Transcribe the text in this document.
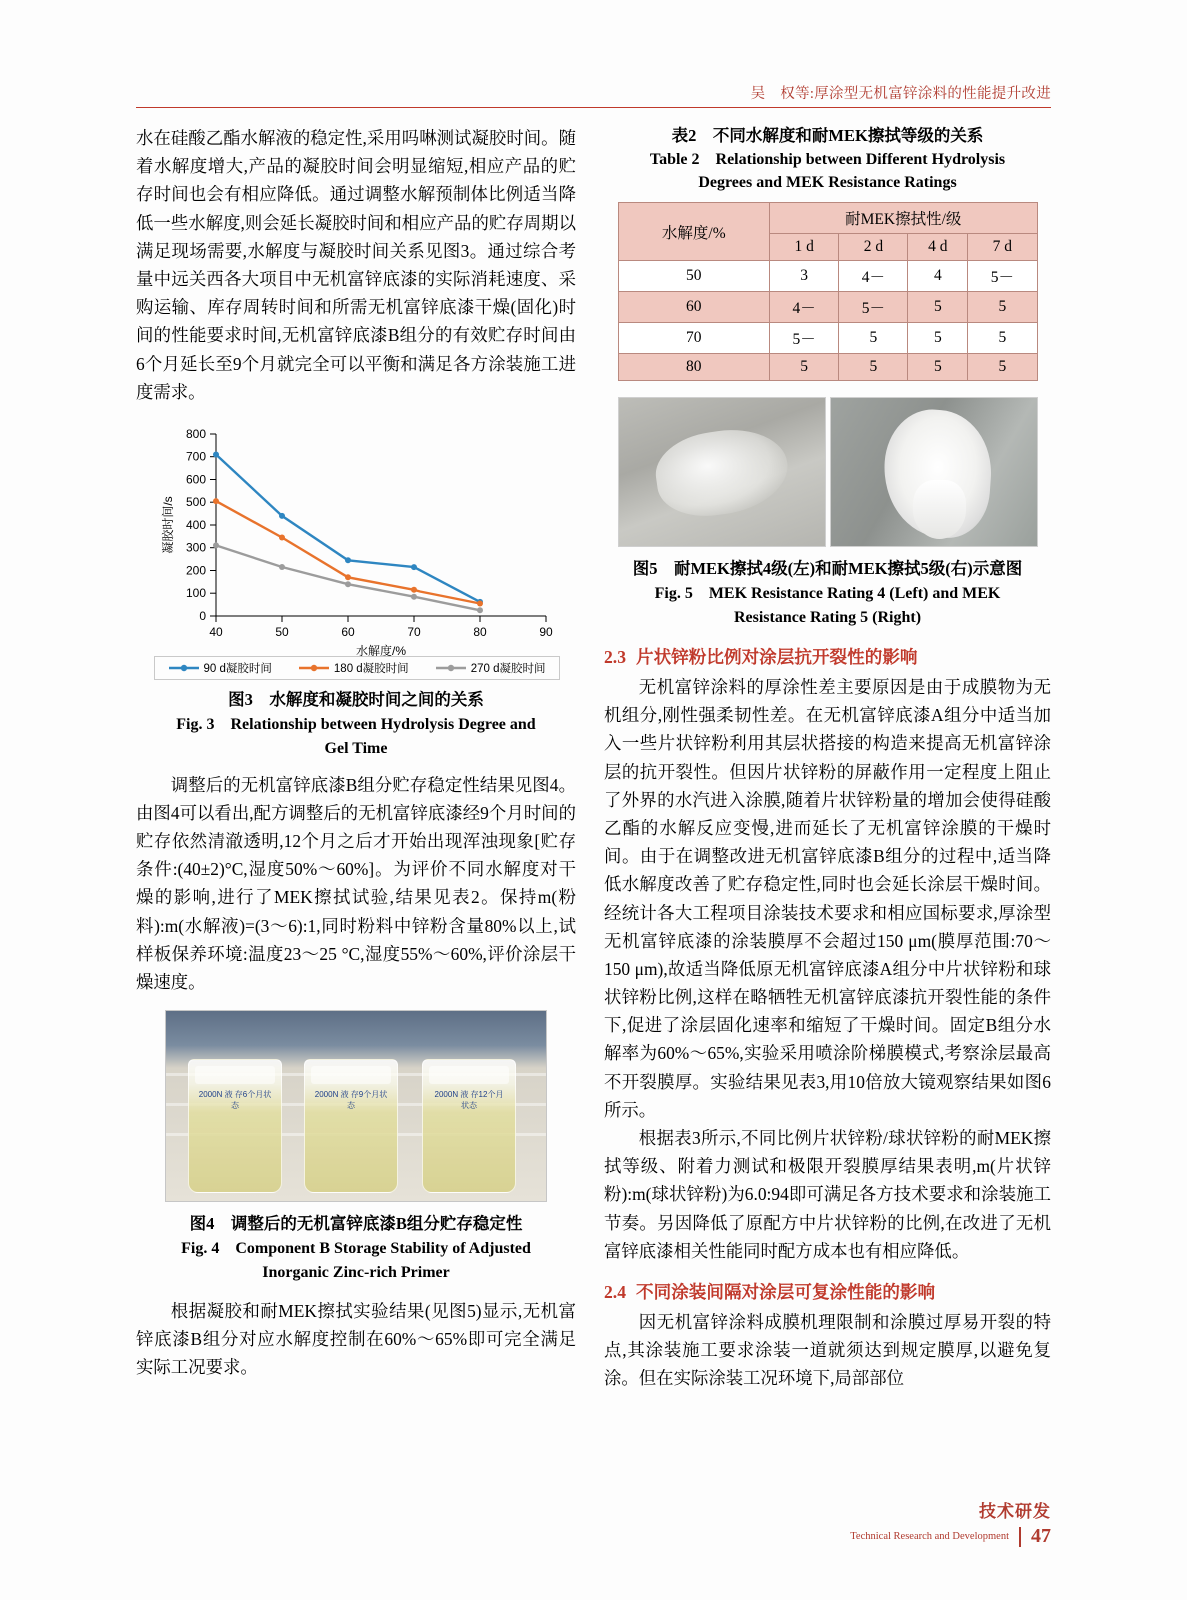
吴　权等:厚涂型无机富锌涂料的性能提升改进

水在硅酸乙酯水解液的稳定性,采用吗啉测试凝胶时间。随着水解度增大,产品的凝胶时间会明显缩短,相应产品的贮存时间也会有相应降低。通过调整水解预制体比例适当降低一些水解度,则会延长凝胶时间和相应产品的贮存周期以满足现场需要,水解度与凝胶时间关系见图3。通过综合考量中远关西各大项目中无机富锌底漆的实际消耗速度、采购运输、库存周转时间和所需无机富锌底漆干燥(固化)时间的性能要求时间,无机富锌底漆B组分的有效贮存时间由6个月延长至9个月就完全可以平衡和满足各方涂装施工进度需求。

0
100
200
300
400
500
600
700
800
40	50	60	70	80	90
水解度/%
凝胶时间/s
90 d凝胶时间	180 d凝胶时间	270 d凝胶时间
图3　水解度和凝胶时间之间的关系
Fig. 3　Relationship between Hydrolysis Degree and
Gel Time

调整后的无机富锌底漆B组分贮存稳定性结果见图4。由图4可以看出,配方调整后的无机富锌底漆经9个月时间的贮存依然清澈透明,12个月之后才开始出现浑浊现象[贮存条件:(40±2)°C,湿度50%～60%]。为评价不同水解度对干燥的影响,进行了MEK擦拭试验,结果见表2。保持m(粉料):m(水解液)=(3～6):1,同时粉料中锌粉含量80%以上,试样板保养环境:温度23～25 °C,湿度55%～60%,评价涂层干燥速度。

2000N 液 存6个月状态
2000N 液 存9个月状态
2000N 液 存12个月状态
图4　调整后的无机富锌底漆B组分贮存稳定性
Fig. 4　Component B Storage Stability of Adjusted
Inorganic Zinc-rich Primer

根据凝胶和耐MEK擦拭实验结果(见图5)显示,无机富锌底漆B组分对应水解度控制在60%～65%即可完全满足实际工况要求。

表2　不同水解度和耐MEK擦拭等级的关系
Table 2　Relationship between Different Hydrolysis
Degrees and MEK Resistance Ratings
水解度/%	耐MEK擦拭性/级			
	1 d	2 d	4 d	7 d
50	3	4－	4	5－
60	4－	5－	5	5
70	5－	5	5	5
80	5	5	5	5
图5　耐MEK擦拭4级(左)和耐MEK擦拭5级(右)示意图
Fig. 5　MEK Resistance Rating 4 (Left) and MEK
Resistance Rating 5 (Right)
2.3 片状锌粉比例对涂层抗开裂性的影响

无机富锌涂料的厚涂性差主要原因是由于成膜物为无机组分,刚性强柔韧性差。在无机富锌底漆A组分中适当加入一些片状锌粉利用其层状搭接的构造来提高无机富锌涂层的抗开裂性。但因片状锌粉的屏蔽作用一定程度上阻止了外界的水汽进入涂膜,随着片状锌粉量的增加会使得硅酸乙酯的水解反应变慢,进而延长了无机富锌涂膜的干燥时间。由于在调整改进无机富锌底漆B组分的过程中,适当降低水解度改善了贮存稳定性,同时也会延长涂层干燥时间。经统计各大工程项目涂装技术要求和相应国标要求,厚涂型无机富锌底漆的涂装膜厚不会超过150 μm(膜厚范围:70～150 μm),故适当降低原无机富锌底漆A组分中片状锌粉和球状锌粉比例,这样在略牺牲无机富锌底漆抗开裂性能的条件下,促进了涂层固化速率和缩短了干燥时间。固定B组分水解率为60%～65%,实验采用喷涂阶梯膜模式,考察涂层最高不开裂膜厚。实验结果见表3,用10倍放大镜观察结果如图6所示。

根据表3所示,不同比例片状锌粉/球状锌粉的耐MEK擦拭等级、附着力测试和极限开裂膜厚结果表明,m(片状锌粉):m(球状锌粉)为6.0:94即可满足各方技术要求和涂装施工节奏。另因降低了原配方中片状锌粉的比例,在改进了无机富锌底漆相关性能同时配方成本也有相应降低。

2.4 不同涂装间隔对涂层可复涂性能的影响

因无机富锌涂料成膜机理限制和涂膜过厚易开裂的特点,其涂装施工要求涂装一道就须达到规定膜厚,以避免复涂。但在实际涂装工况环境下,局部部位

技术研发
Technical Research and Development 47
